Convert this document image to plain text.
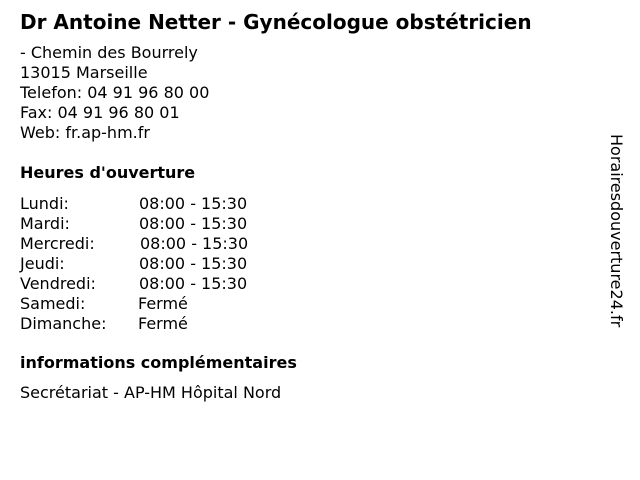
Dr Antoine Netter - Gynécologue obstétricien
- Chemin des Bourrely
13015 Marseille
Telefon: 04 91 96 80 00
Fax: 04 91 96 80 01
Web: fr.ap-hm.fr
Heures d'ouverture
Lundi:	08:00 - 15:30
Mardi:	08:00 - 15:30
Mercredi:	08:00 - 15:30
Jeudi:	08:00 - 15:30
Vendredi:	08:00 - 15:30
Samedi:	Fermé
Dimanche: Fermé
informations complémentaires
Secrétariat - AP-HM Hôpital Nord
Horairesdouverture24.fr
